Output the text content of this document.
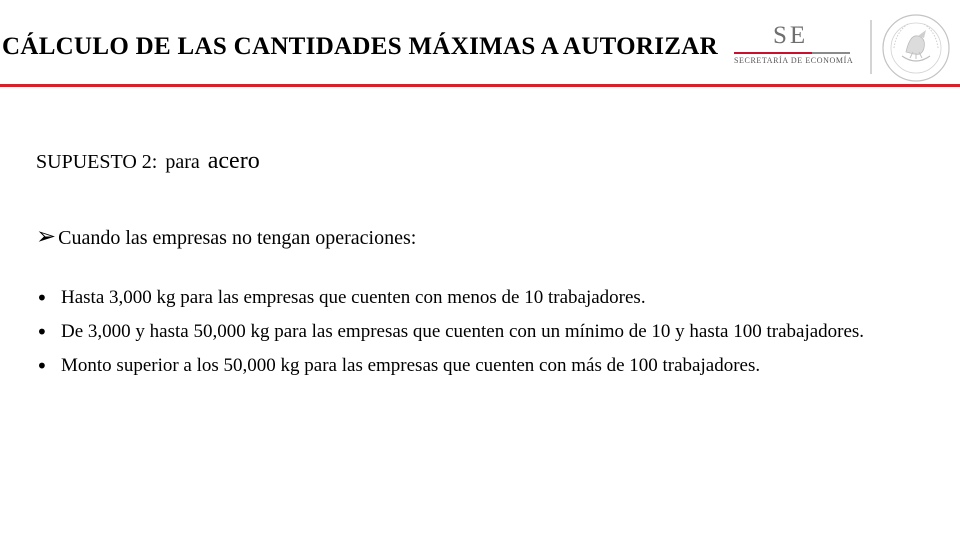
CÁLCULO DE LAS CANTIDADES MÁXIMAS A AUTORIZAR SE
SECRETARÍA DE ECONOMÍA
SUPUESTO 2: para acero
➢ Cuando las empresas no tengan operaciones:
• Hasta 3,000 kg para las empresas que cuenten con menos de 10 trabajadores.
• De 3,000 y hasta 50,000 kg para las empresas que cuenten con un mínimo de 10 y hasta 100 trabajadores.
• Monto superior a los 50,000 kg para las empresas que cuenten con más de 100 trabajadores.
